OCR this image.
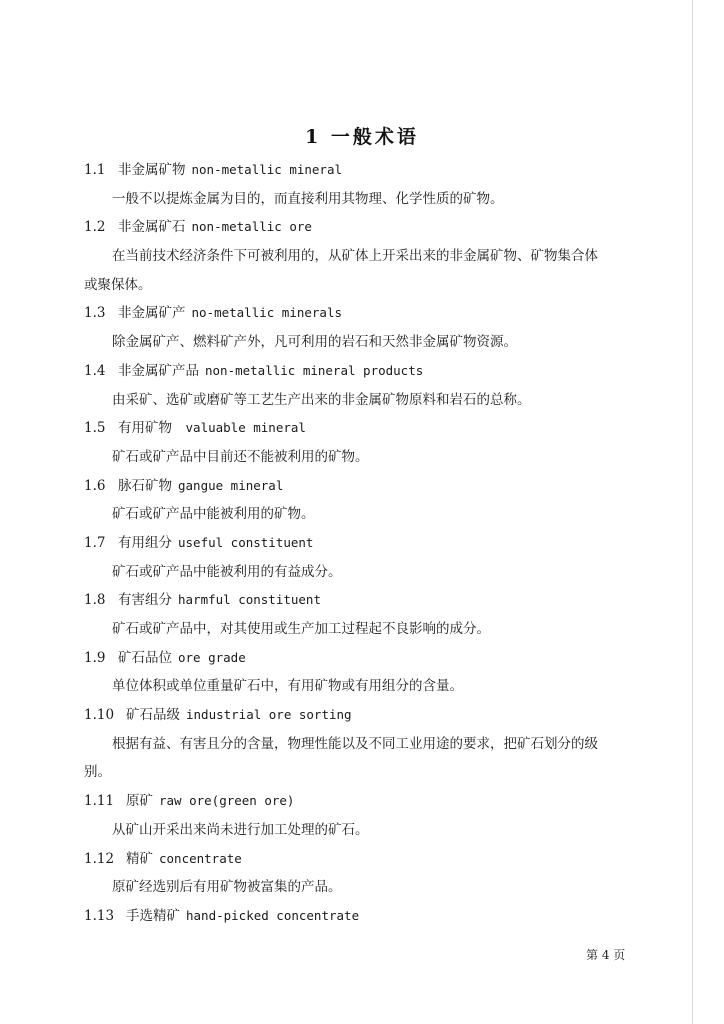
1 一般术语
1.1 非金属矿物 non-metallic mineral
一般不以提炼金属为目的，而直接利用其物理、化学性质的矿物。
1.2 非金属矿石 non-metallic ore
在当前技术经济条件下可被利用的，从矿体上开采出来的非金属矿物、矿物集合体
或聚保体。
1.3 非金属矿产 no-metallic minerals
除金属矿产、燃料矿产外，凡可利用的岩石和天然非金属矿物资源。
1.4 非金属矿产品 non-metallic mineral products
由采矿、选矿或磨矿等工艺生产出来的非金属矿物原料和岩石的总称。
1.5 有用矿物 valuable mineral
矿石或矿产品中目前还不能被利用的矿物。
1.6 脉石矿物 gangue mineral
矿石或矿产品中能被利用的矿物。
1.7 有用组分 useful constituent
矿石或矿产品中能被利用的有益成分。
1.8 有害组分 harmful constituent
矿石或矿产品中，对其使用或生产加工过程起不良影响的成分。
1.9 矿石品位 ore grade
单位体积或单位重量矿石中，有用矿物或有用组分的含量。
1.10 矿石品级 industrial ore sorting
根据有益、有害且分的含量，物理性能以及不同工业用途的要求，把矿石划分的级
别。
1.11 原矿 raw ore(green ore)
从矿山开采出来尚未进行加工处理的矿石。
1.12 精矿 concentrate
原矿经选别后有用矿物被富集的产品。
1.13 手选精矿 hand-picked concentrate
第 4 页
